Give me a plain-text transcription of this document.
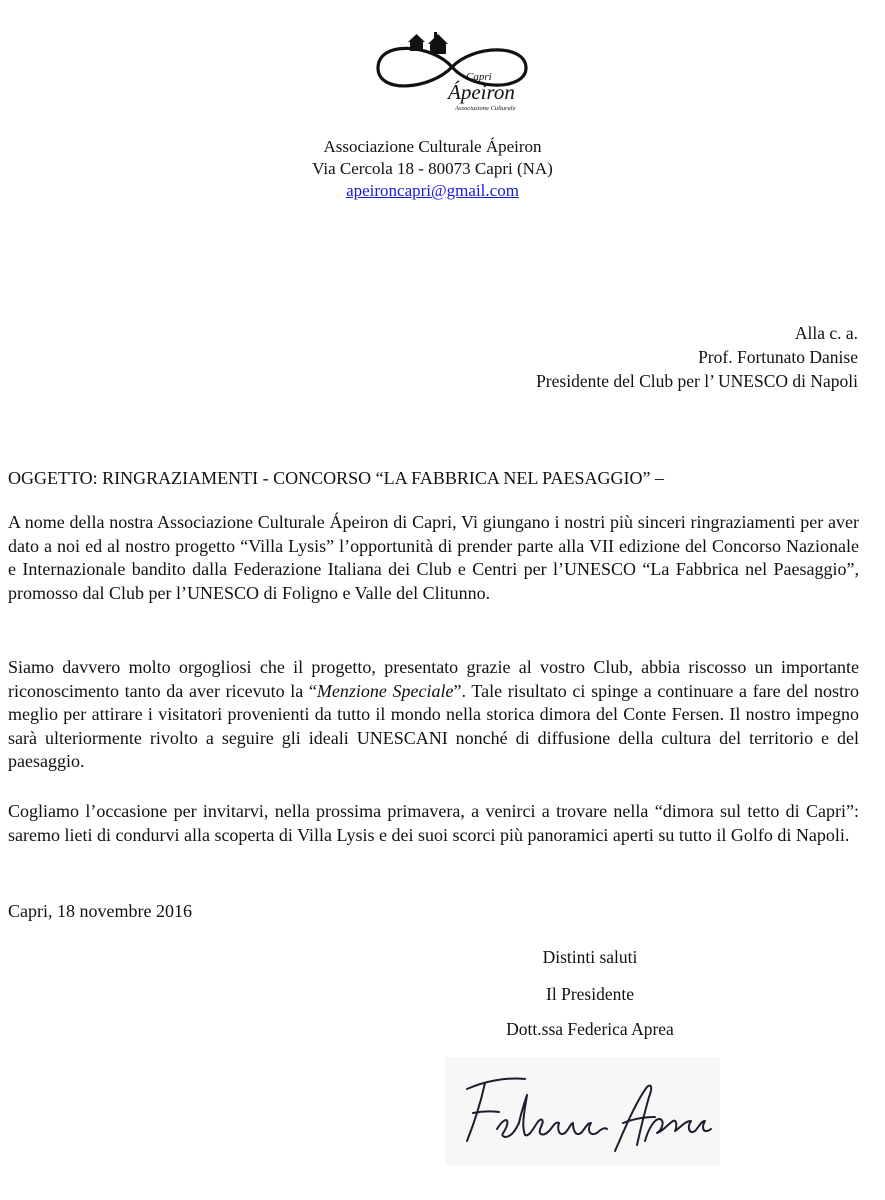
Capri
Ápeiron
Associazione Culturale
Associazione Culturale Ápeiron
Via Cercola 18 - 80073 Capri (NA)
apeironcapri@gmail.com
Alla c. a.
Prof. Fortunato Danise
Presidente del Club per l’ UNESCO di Napoli
OGGETTO: RINGRAZIAMENTI - CONCORSO “LA FABBRICA NEL PAESAGGIO” –

A nome della nostra Associazione Culturale Ápeiron di Capri, Vi giungano i nostri più sinceri ringraziamenti per aver dato a noi ed al nostro progetto “Villa Lysis” l’opportunità di prender parte alla VII edizione del Concorso Nazionale e Internazionale bandito dalla Federazione Italiana dei Club e Centri per l’UNESCO “La Fabbrica nel Paesaggio”, promosso dal Club per l’UNESCO di Foligno e Valle del Clitunno.

Siamo davvero molto orgogliosi che il progetto, presentato grazie al vostro Club, abbia riscosso un importante riconoscimento tanto da aver ricevuto la “Menzione Speciale”. Tale risultato ci spinge a continuare a fare del nostro meglio per attirare i visitatori provenienti da tutto il mondo nella storica dimora del Conte Fersen. Il nostro impegno sarà ulteriormente rivolto a seguire gli ideali UNESCANI nonché di diffusione della cultura del territorio e del paesaggio.

Cogliamo l’occasione per invitarvi, nella prossima primavera, a venirci a trovare nella “dimora sul tetto di Capri”: saremo lieti di condurvi alla scoperta di Villa Lysis e dei suoi scorci più panoramici aperti su tutto il Golfo di Napoli.

Capri, 18 novembre 2016
Distinti saluti
Il Presidente
Dott.ssa Federica Aprea
